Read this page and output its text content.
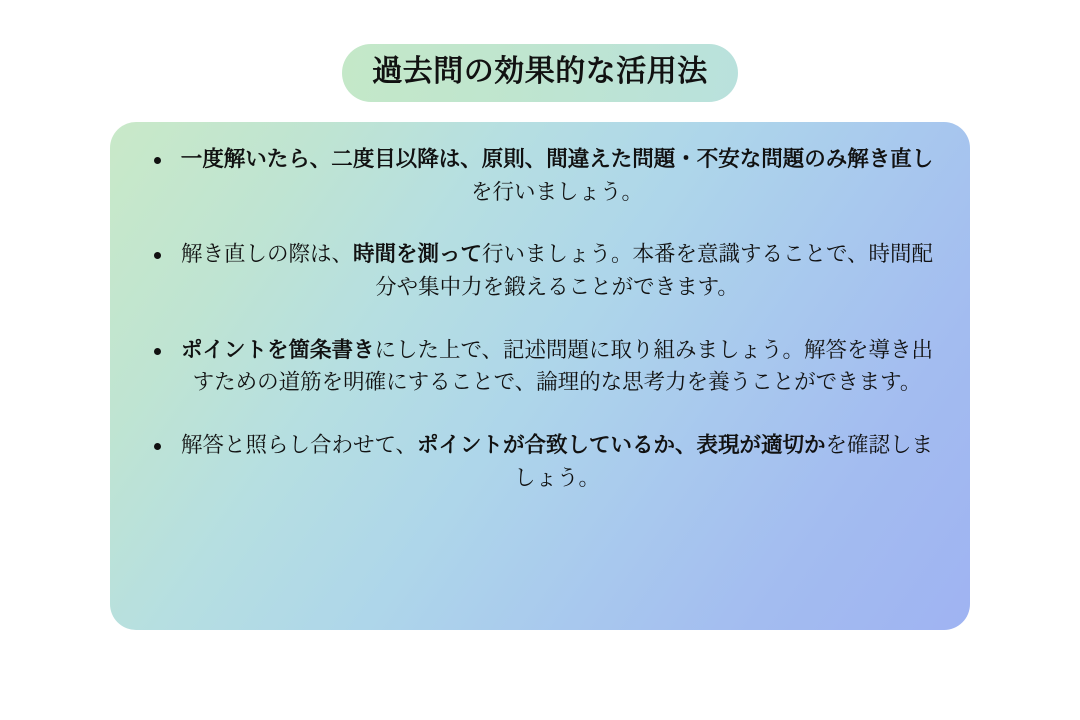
過去問の効果的な活用法
一度解いたら、二度目以降は、原則、間違えた問題・不安な問題のみ解き直しを行いましょう。
解き直しの際は、時間を測って行いましょう。本番を意識することで、時間配分や集中力を鍛えることができます。
ポイントを箇条書きにした上で、記述問題に取り組みましょう。解答を導き出すための道筋を明確にすることで、論理的な思考力を養うことができます。
解答と照らし合わせて、ポイントが合致しているか、表現が適切かを確認しましょう。
